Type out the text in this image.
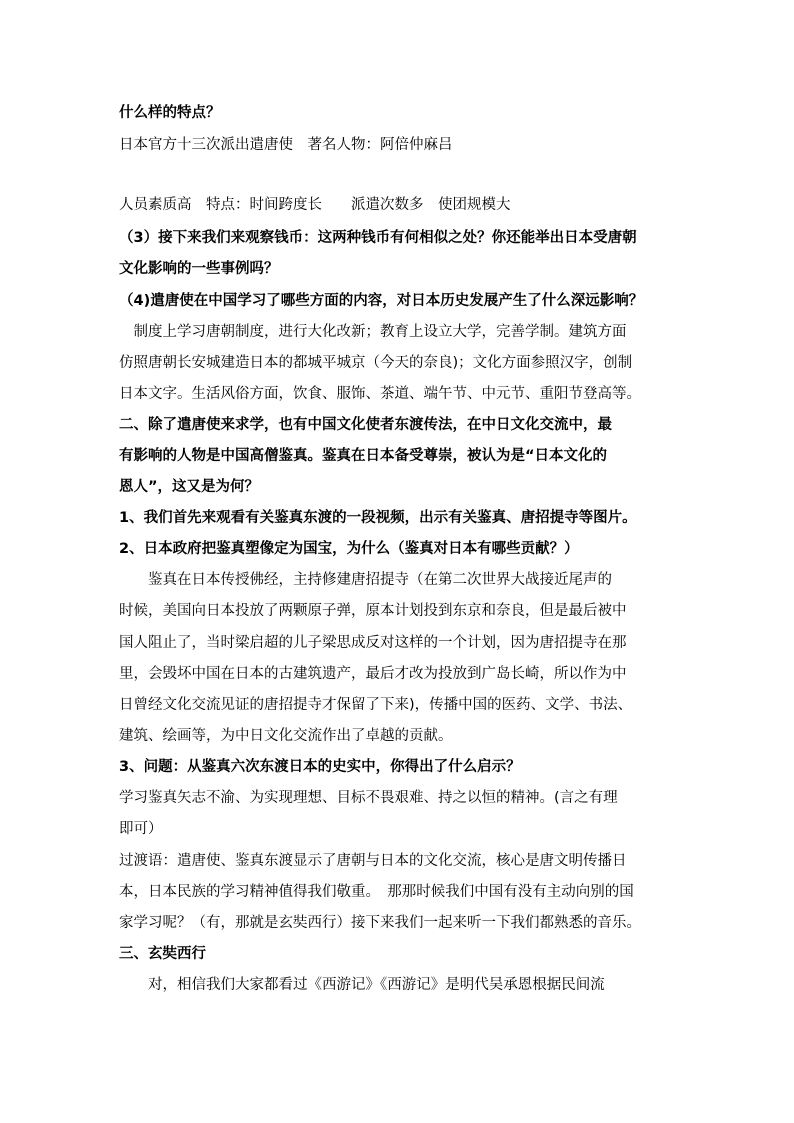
什么样的特点？
日本官方十三次派出遣唐使　著名人物：阿倍仲麻吕
人员素质高　特点：时间跨度长　　派遣次数多　使团规模大
（3）接下来我们来观察钱币：这两种钱币有何相似之处？你还能举出日本受唐朝
文化影响的一些事例吗？
（4)遣唐使在中国学习了哪些方面的内容，对日本历史发展产生了什么深远影响？
　制度上学习唐朝制度，进行大化改新；教育上设立大学，完善学制。建筑方面
仿照唐朝长安城建造日本的都城平城京（今天的奈良)；文化方面参照汉字，创制
日本文字。生活风俗方面，饮食、服饰、茶道、端午节、中元节、重阳节登高等。
二、除了遣唐使来求学，也有中国文化使者东渡传法，在中日文化交流中，最
有影响的人物是中国高僧鉴真。鉴真在日本备受尊崇，被认为是“日本文化的
恩人”，这又是为何？
1、我们首先来观看有关鉴真东渡的一段视频，出示有关鉴真、唐招提寺等图片。
2、日本政府把鉴真塑像定为国宝，为什么（鉴真对日本有哪些贡献？）
　　鉴真在日本传授佛经，主持修建唐招提寺（在第二次世界大战接近尾声的
时候，美国向日本投放了两颗原子弹，原本计划投到东京和奈良，但是最后被中
国人阻止了，当时梁启超的儿子梁思成反对这样的一个计划，因为唐招提寺在那
里，会毁坏中国在日本的古建筑遗产，最后才改为投放到广岛长崎，所以作为中
日曾经文化交流见证的唐招提寺才保留了下来)，传播中国的医药、文学、书法、
建筑、绘画等，为中日文化交流作出了卓越的贡献。
3、问题：从鉴真六次东渡日本的史实中，你得出了什么启示？
学习鉴真矢志不渝、为实现理想、目标不畏艰难、持之以恒的精神。(言之有理
即可）
过渡语：遣唐使、鉴真东渡显示了唐朝与日本的文化交流，核心是唐文明传播日
本，日本民族的学习精神值得我们敬重。　那那时候我们中国有没有主动向别的国
家学习呢？（有，那就是玄奘西行）接下来我们一起来听一下我们都熟悉的音乐。
三、玄奘西行
　　对，相信我们大家都看过《西游记》《西游记》是明代吴承恩根据民间流
